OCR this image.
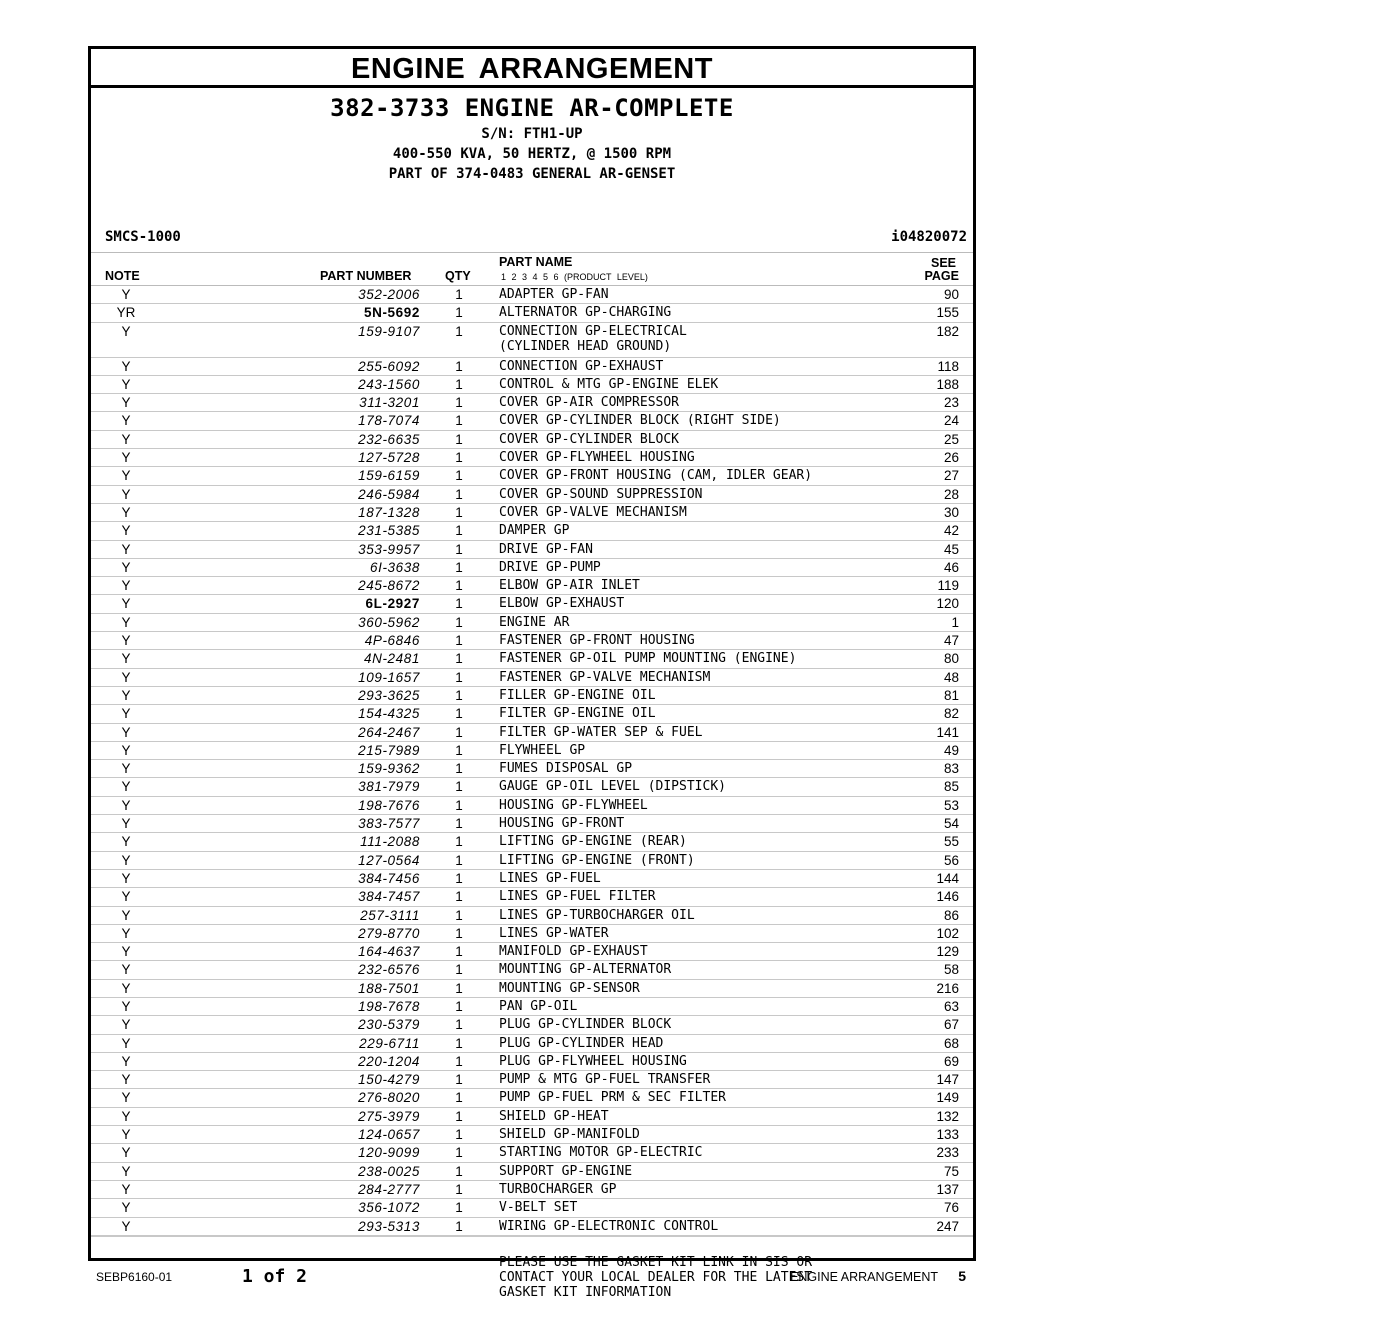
ENGINE ARRANGEMENT
382-3733 ENGINE AR-COMPLETE
S/N: FTH1-UP
400-550 KVA, 50 HERTZ, @ 1500 RPM
PART OF 374-0483 GENERAL AR-GENSET
SMCS-1000	i04820072
NOTE	PART NUMBER	QTY
PART NAME
1 2 3 4 5 6 (PRODUCT LEVEL)
SEE
PAGE
Y	352-2006	1	ADAPTER GP-FAN	90
YR	5N-5692	1	ALTERNATOR GP-CHARGING	155
Y	159-9107	1	CONNECTION GP-ELECTRICAL	182
(CYLINDER HEAD GROUND)
Y	255-6092	1	CONNECTION GP-EXHAUST	118
Y	243-1560	1	CONTROL & MTG GP-ENGINE ELEK	188
Y	311-3201	1	COVER GP-AIR COMPRESSOR	23
Y	178-7074	1	COVER GP-CYLINDER BLOCK (RIGHT SIDE)	24
Y	232-6635	1	COVER GP-CYLINDER BLOCK	25
Y	127-5728	1	COVER GP-FLYWHEEL HOUSING	26
Y	159-6159	1	COVER GP-FRONT HOUSING (CAM, IDLER GEAR)	27
Y	246-5984	1	COVER GP-SOUND SUPPRESSION	28
Y	187-1328	1	COVER GP-VALVE MECHANISM	30
Y	231-5385	1	DAMPER GP	42
Y	353-9957	1	DRIVE GP-FAN	45
Y	6I-3638	1	DRIVE GP-PUMP	46
Y	245-8672	1	ELBOW GP-AIR INLET	119
Y	6L-2927	1	ELBOW GP-EXHAUST	120
Y	360-5962	1	ENGINE AR	1
Y	4P-6846	1	FASTENER GP-FRONT HOUSING	47
Y	4N-2481	1	FASTENER GP-OIL PUMP MOUNTING (ENGINE)	80
Y	109-1657	1	FASTENER GP-VALVE MECHANISM	48
Y	293-3625	1	FILLER GP-ENGINE OIL	81
Y	154-4325	1	FILTER GP-ENGINE OIL	82
Y	264-2467	1	FILTER GP-WATER SEP & FUEL	141
Y	215-7989	1	FLYWHEEL GP	49
Y	159-9362	1	FUMES DISPOSAL GP	83
Y	381-7979	1	GAUGE GP-OIL LEVEL (DIPSTICK)	85
Y	198-7676	1	HOUSING GP-FLYWHEEL	53
Y	383-7577	1	HOUSING GP-FRONT	54
Y	111-2088	1	LIFTING GP-ENGINE (REAR)	55
Y	127-0564	1	LIFTING GP-ENGINE (FRONT)	56
Y	384-7456	1	LINES GP-FUEL	144
Y	384-7457	1	LINES GP-FUEL FILTER	146
Y	257-3111	1	LINES GP-TURBOCHARGER OIL	86
Y	279-8770	1	LINES GP-WATER	102
Y	164-4637	1	MANIFOLD GP-EXHAUST	129
Y	232-6576	1	MOUNTING GP-ALTERNATOR	58
Y	188-7501	1	MOUNTING GP-SENSOR	216
Y	198-7678	1	PAN GP-OIL	63
Y	230-5379	1	PLUG GP-CYLINDER BLOCK	67
Y	229-6711	1	PLUG GP-CYLINDER HEAD	68
Y	220-1204	1	PLUG GP-FLYWHEEL HOUSING	69
Y	150-4279	1	PUMP & MTG GP-FUEL TRANSFER	147
Y	276-8020	1	PUMP GP-FUEL PRM & SEC FILTER	149
Y	275-3979	1	SHIELD GP-HEAT	132
Y	124-0657	1	SHIELD GP-MANIFOLD	133
Y	120-9099	1	STARTING MOTOR GP-ELECTRIC	233
Y	238-0025	1	SUPPORT GP-ENGINE	75
Y	284-2777	1	TURBOCHARGER GP	137
Y	356-1072	1	V-BELT SET	76
Y	293-5313	1	WIRING GP-ELECTRONIC CONTROL	247
PLEASE USE THE GASKET KIT LINK IN SIS OR
CONTACT YOUR LOCAL DEALER FOR THE LATEST
GASKET KIT INFORMATION
SEBP6160-01	1 of 2	ENGINE ARRANGEMENT 5
